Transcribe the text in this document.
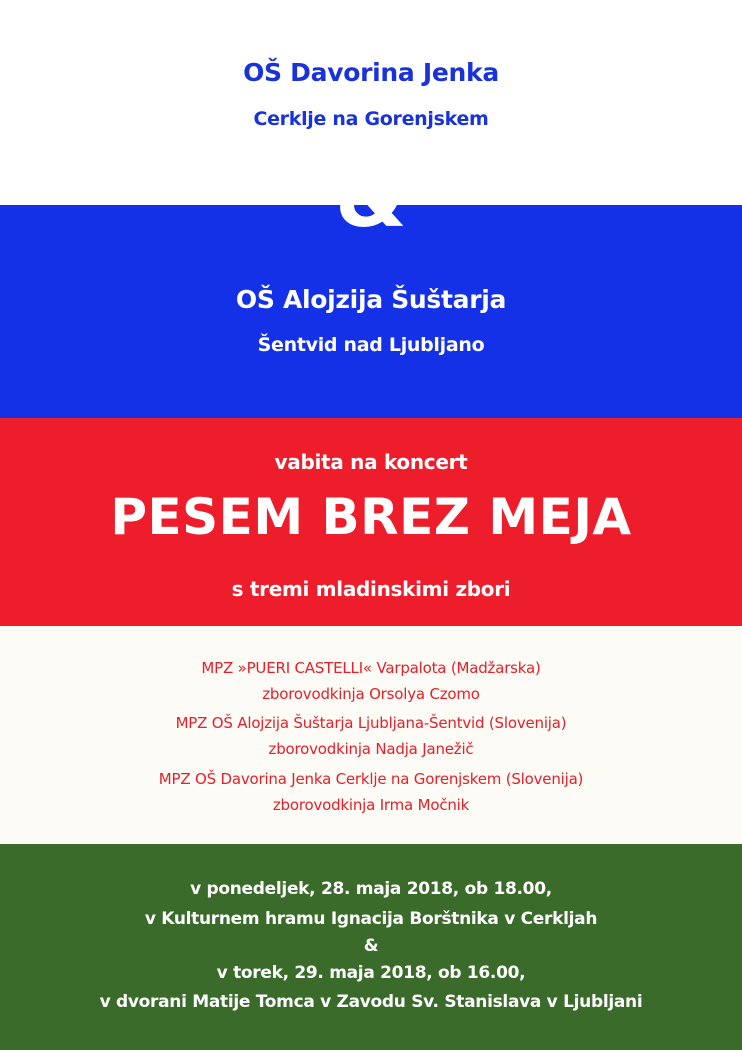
OŠ Davorina Jenka
Cerklje na Gorenjskem
&
OŠ Alojzija Šuštarja
Šentvid nad Ljubljano
vabita na koncert
PESEM BREZ MEJA
s tremi mladinskimi zbori
MPZ »PUERI CASTELLI« Varpalota (Madžarska)
zborovodkinja Orsolya Czomo
MPZ OŠ Alojzija Šuštarja Ljubljana-Šentvid (Slovenija)
zborovodkinja Nadja Janežič
MPZ OŠ Davorina Jenka Cerklje na Gorenjskem (Slovenija)
zborovodkinja Irma Močnik
v ponedeljek, 28. maja 2018, ob 18.00,
v Kulturnem hramu Ignacija Borštnika v Cerkljah
&
v torek, 29. maja 2018, ob 16.00,
v dvorani Matije Tomca v Zavodu Sv. Stanislava v Ljubljani
